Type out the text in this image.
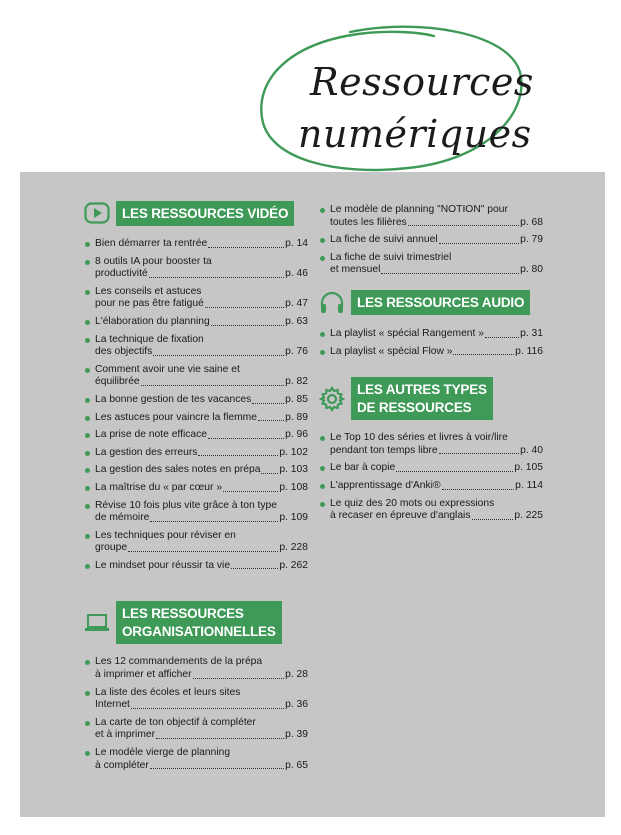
Ressources
numériques
LES RESSOURCES VIDÉO
Bien démarrer ta rentrée	p. 14
8 outils IA pour booster ta
productivité	p. 46
Les conseils et astuces
pour ne pas être fatigué	p. 47
L'élaboration du planning	p. 63
La technique de fixation
des objectifs	p. 76
Comment avoir une vie saine et
équilibrée	p. 82
La bonne gestion de tes vacances	p. 85
Les astuces pour vaincre la flemme	p. 89
La prise de note efficace	p. 96
La gestion des erreurs	p. 102
La gestion des sales notes en prépa p. 103
La maîtrise du « par cœur »	p. 108
Révise 10 fois plus vite grâce à ton type
de mémoire	p. 109
Les techniques pour réviser en
groupe	p. 228
Le mindset pour réussir ta vie	p. 262
LES RESSOURCES
ORGANISATIONNELLES
Les 12 commandements de la prépa
à imprimer et afficher	p. 28
La liste des écoles et leurs sites
Internet	p. 36
La carte de ton objectif à compléter
et à imprimer	p. 39
Le modèle vierge de planning
à compléter	p. 65
Le modèle de planning "NOTION" pour
toutes les filières	p. 68
La fiche de suivi annuel	p. 79
La fiche de suivi trimestriel
et mensuel	p. 80
LES RESSOURCES AUDIO
La playlist « spécial Rangement »	p. 31
La playlist « spécial Flow »	p. 116
LES AUTRES TYPES
DE RESSOURCES
Le Top 10 des séries et livres à voir/lire
pendant ton temps libre	p. 40
Le bar à copie	p. 105
L'apprentissage d'Anki®	p. 114
Le quiz des 20 mots ou expressions
à recaser en épreuve d'anglais	p. 225
